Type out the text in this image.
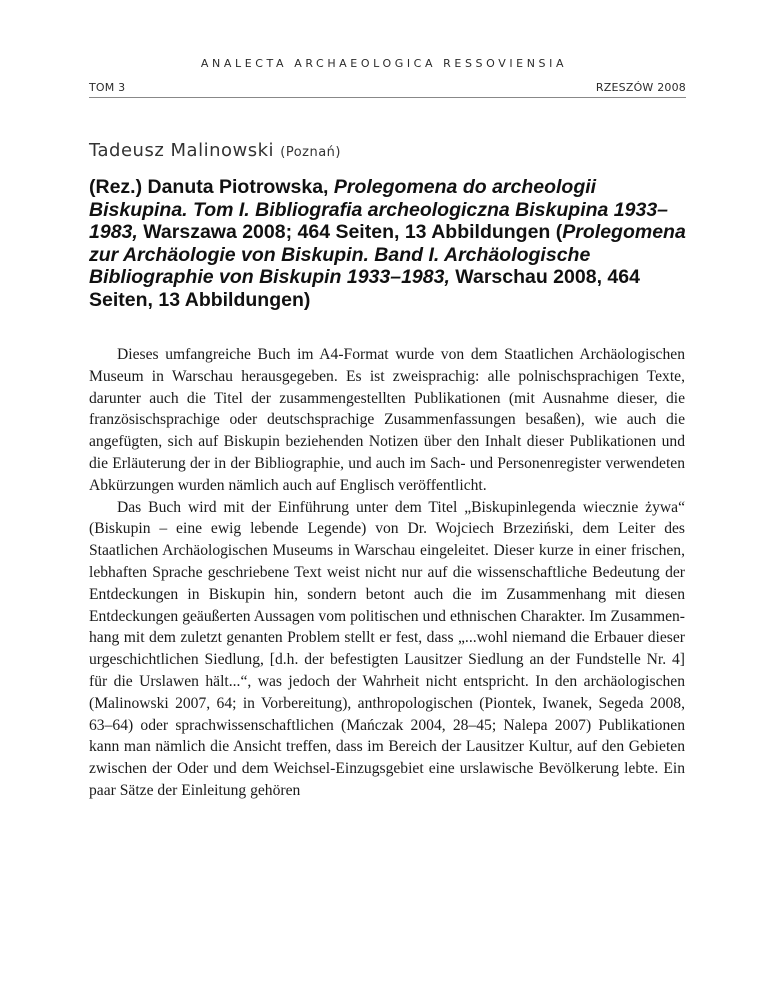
ANALECTA ARCHAEOLOGICA RESSOVIENSIA
TOM 3	RZESZÓW 2008
Tadeusz Malinowski (Poznań)
(Rez.) Danuta Piotrowska, Prolegomena do archeologii Biskupina. Tom I. Bibliografia archeologiczna Biskupina 1933–1983, Warszawa 2008; 464 Seiten, 13 Abbildungen (Prolegomena zur Archäologie von Biskupin. Band I. Archäologische Bibliographie von Biskupin 1933–1983, Warschau 2008, 464 Seiten, 13 Abbildungen)

Dieses umfangreiche Buch im A4-Format wurde von dem Staatlichen Archäologischen Museum in Warschau herausgegeben. Es ist zweisprachig: alle polnischsprachigen Texte, darunter auch die Titel der zusammengestellten Publikationen (mit Ausnahme dieser, die französischsprachige oder deutschsprachige Zusammenfassungen besaßen), wie auch die angefügten, sich auf Biskupin beziehenden Notizen über den Inhalt dieser Publikationen und die Erläuterung der in der Bibliographie, und auch im Sach- und Personenregister verwendeten Abkürzungen wurden nämlich auch auf Englisch veröffentlicht.

Das Buch wird mit der Einführung unter dem Titel „Biskupinlegenda wiecznie żywa“ (Biskupin – eine ewig lebende Legende) von Dr. Wojciech Brzeziński, dem Leiter des Staatlichen Archäologischen Museums in Warschau eingeleitet. Dieser kurze in einer frischen, lebhaften Sprache geschriebene Text weist nicht nur auf die wissenschaftliche Bedeutung der Entdeckungen in Biskupin hin, sondern betont auch die im Zusammenhang mit diesen Entdeckungen geäußerten Aussagen vom politischen und ethnischen Charakter. Im Zusammenhang mit dem zuletzt genanten Problem stellt er fest, dass „...wohl niemand die Erbauer dieser urgeschichtlichen Siedlung, [d.h. der befestigten Lausitzer Siedlung an der Fundstelle Nr. 4] für die Urslawen hält...“, was jedoch der Wahrheit nicht entspricht. In den archäologischen (Malinowski 2007, 64; in Vorbereitung), anthropologischen (Piontek, Iwanek, Segeda 2008, 63–64) oder sprachwissenschaftlichen (Mańczak 2004, 28–45; Nalepa 2007) Publikationen kann man nämlich die Ansicht treffen, dass im Bereich der Lausitzer Kultur, auf den Gebieten zwischen der Oder und dem Weichsel-Einzugsgebiet eine urslawische Bevölkerung lebte. Ein paar Sätze der Einleitung gehören
